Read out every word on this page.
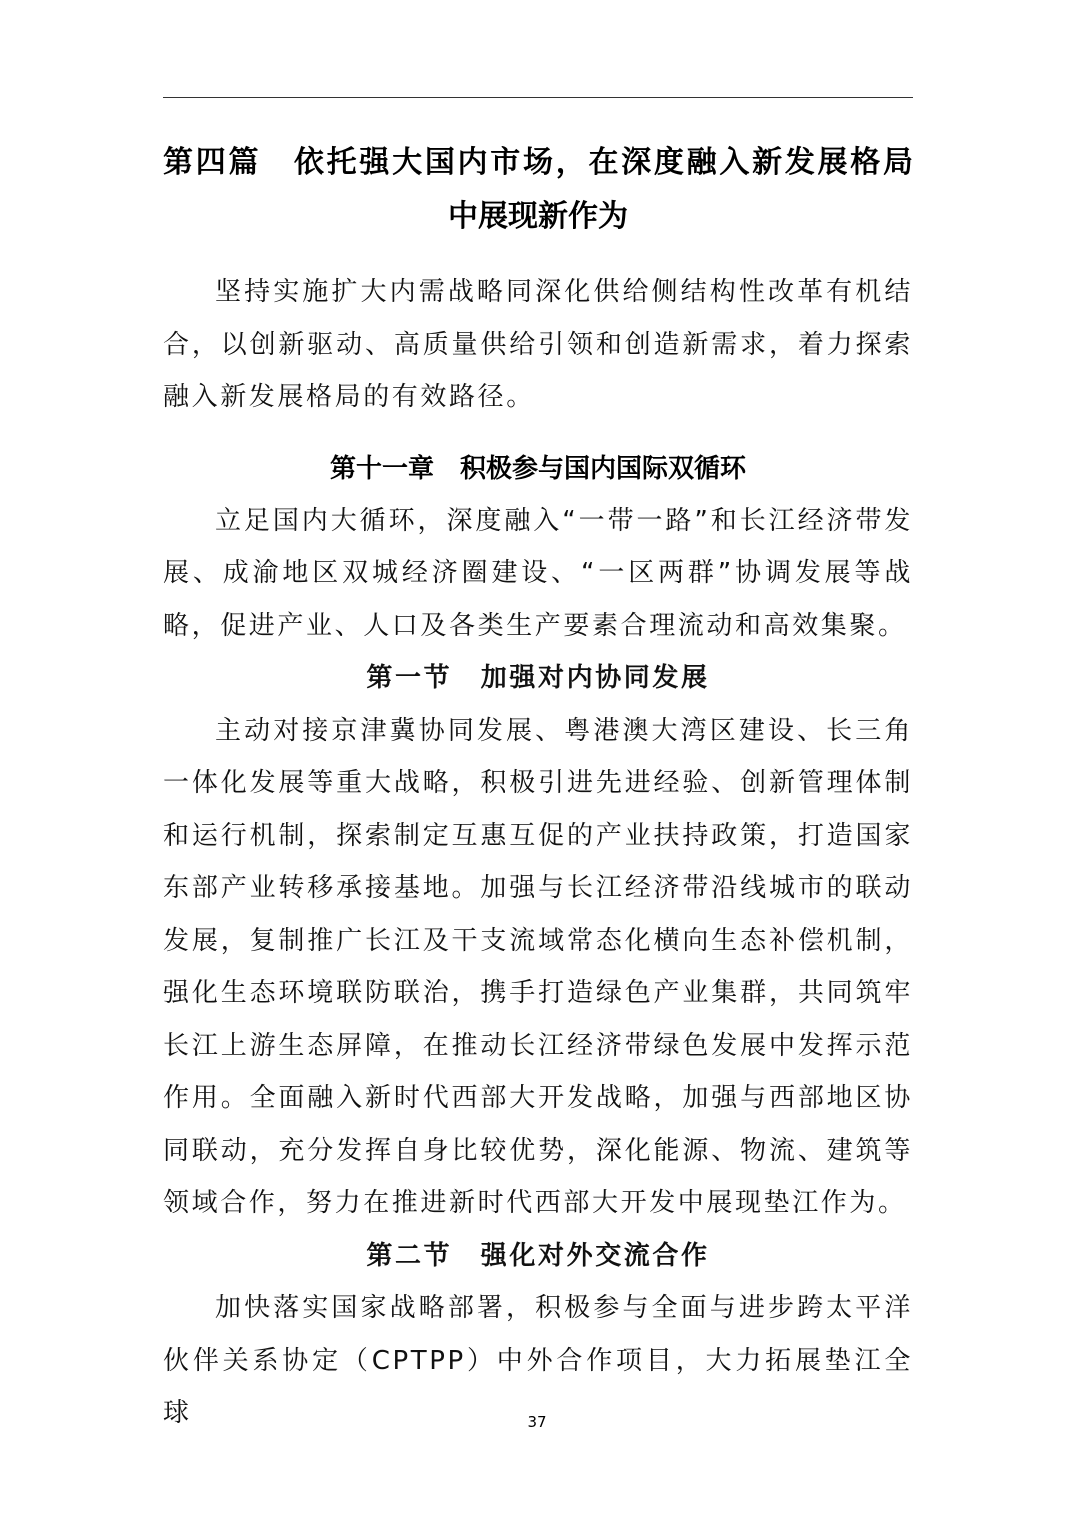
第四篇　依托强大国内市场，在深度融入新发展格局
中展现新作为

坚持实施扩大内需战略同深化供给侧结构性改革有机结合，以创新驱动、高质量供给引领和创造新需求，着力探索融入新发展格局的有效路径。

第十一章　积极参与国内国际双循环

立足国内大循环，深度融入“一带一路”和长江经济带发展、成渝地区双城经济圈建设、“一区两群”协调发展等战略，促进产业、人口及各类生产要素合理流动和高效集聚。

第一节　加强对内协同发展

主动对接京津冀协同发展、粤港澳大湾区建设、长三角一体化发展等重大战略，积极引进先进经验、创新管理体制和运行机制，探索制定互惠互促的产业扶持政策，打造国家东部产业转移承接基地。加强与长江经济带沿线城市的联动发展，复制推广长江及干支流域常态化横向生态补偿机制，强化生态环境联防联治，携手打造绿色产业集群，共同筑牢长江上游生态屏障，在推动长江经济带绿色发展中发挥示范作用。全面融入新时代西部大开发战略，加强与西部地区协同联动，充分发挥自身比较优势，深化能源、物流、建筑等领域合作，努力在推进新时代西部大开发中展现垫江作为。

第二节　强化对外交流合作

加快落实国家战略部署，积极参与全面与进步跨太平洋伙伴关系协定（CPTPP）中外合作项目，大力拓展垫江全球	37
